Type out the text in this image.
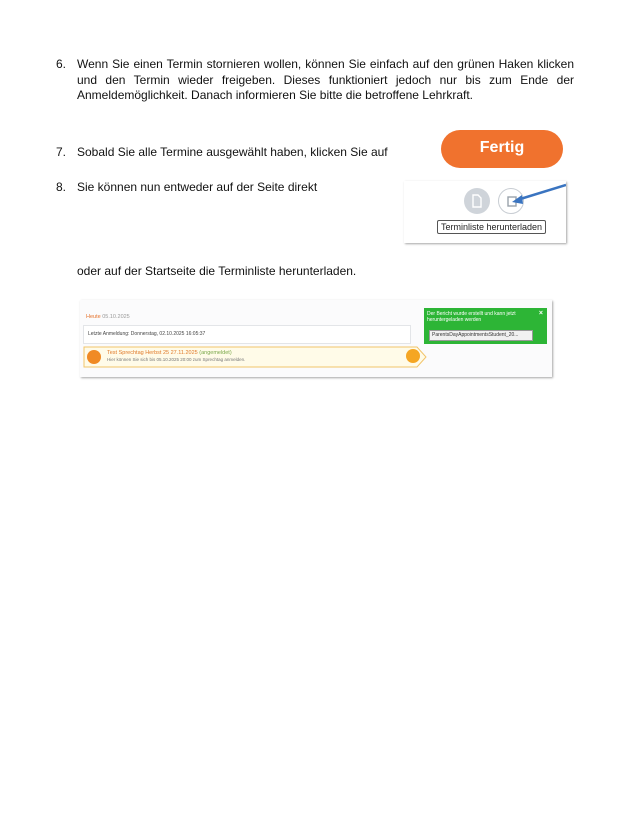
6. Wenn Sie einen Termin stornieren wollen, können Sie einfach auf den grünen Haken klicken und den Termin wieder freigeben. Dieses funktioniert jedoch nur bis zum Ende der Anmeldemöglichkeit. Danach informieren Sie bitte die betroffene Lehrkraft.
7. Sobald Sie alle Termine ausgewählt haben, klicken Sie auf	Fertig
8. Sie können nun entweder auf der Seite direkt
Terminliste herunterladen
oder auf der Startseite die Terminliste herunterladen.
Heute 05.10.2025
Letzte Anmeldung: Donnerstag, 02.10.2025 16:05:37
Test Sprechtag Herbst 25 27.11.2025 (angemeldet)
Hier können Sie sich bis 05.10.2025 20:00 zum Sprechtag anmelden.
Der Bericht wurde erstellt und kann jetzt heruntergeladen werden
×
ParentsDayAppointmentsStudent_20...
